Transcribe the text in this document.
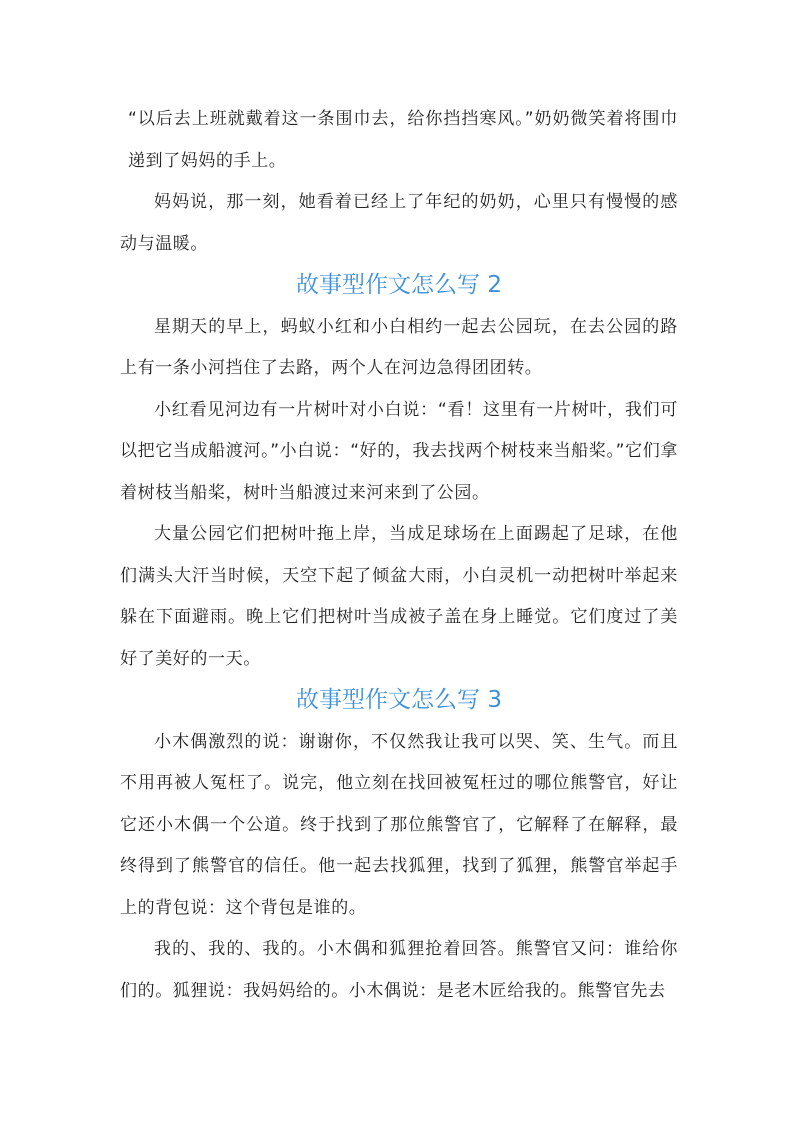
“以后去上班就戴着这一条围巾去，给你挡挡寒风。”奶奶微笑着将围巾递到了妈妈的手上。

妈妈说，那一刻，她看着已经上了年纪的奶奶，心里只有慢慢的感动与温暖。

故事型作文怎么写 2

星期天的早上，蚂蚁小红和小白相约一起去公园玩，在去公园的路上有一条小河挡住了去路，两个人在河边急得团团转。

小红看见河边有一片树叶对小白说：“看！这里有一片树叶，我们可以把它当成船渡河。”小白说：“好的，我去找两个树枝来当船桨。”它们拿着树枝当船桨，树叶当船渡过来河来到了公园。

大量公园它们把树叶拖上岸，当成足球场在上面踢起了足球，在他们满头大汗当时候，天空下起了倾盆大雨，小白灵机一动把树叶举起来躲在下面避雨。晚上它们把树叶当成被子盖在身上睡觉。它们度过了美好了美好的一天。

故事型作文怎么写 3

小木偶激烈的说：谢谢你，不仅然我让我可以哭、笑、生气。而且不用再被人冤枉了。说完，他立刻在找回被冤枉过的哪位熊警官，好让它还小木偶一个公道。终于找到了那位熊警官了，它解释了在解释，最终得到了熊警官的信任。他一起去找狐狸，找到了狐狸，熊警官举起手上的背包说：这个背包是谁的。

我的、我的、我的。小木偶和狐狸抢着回答。熊警官又问：谁给你们的。狐狸说：我妈妈给的。小木偶说：是老木匠给我的。熊警官先去
